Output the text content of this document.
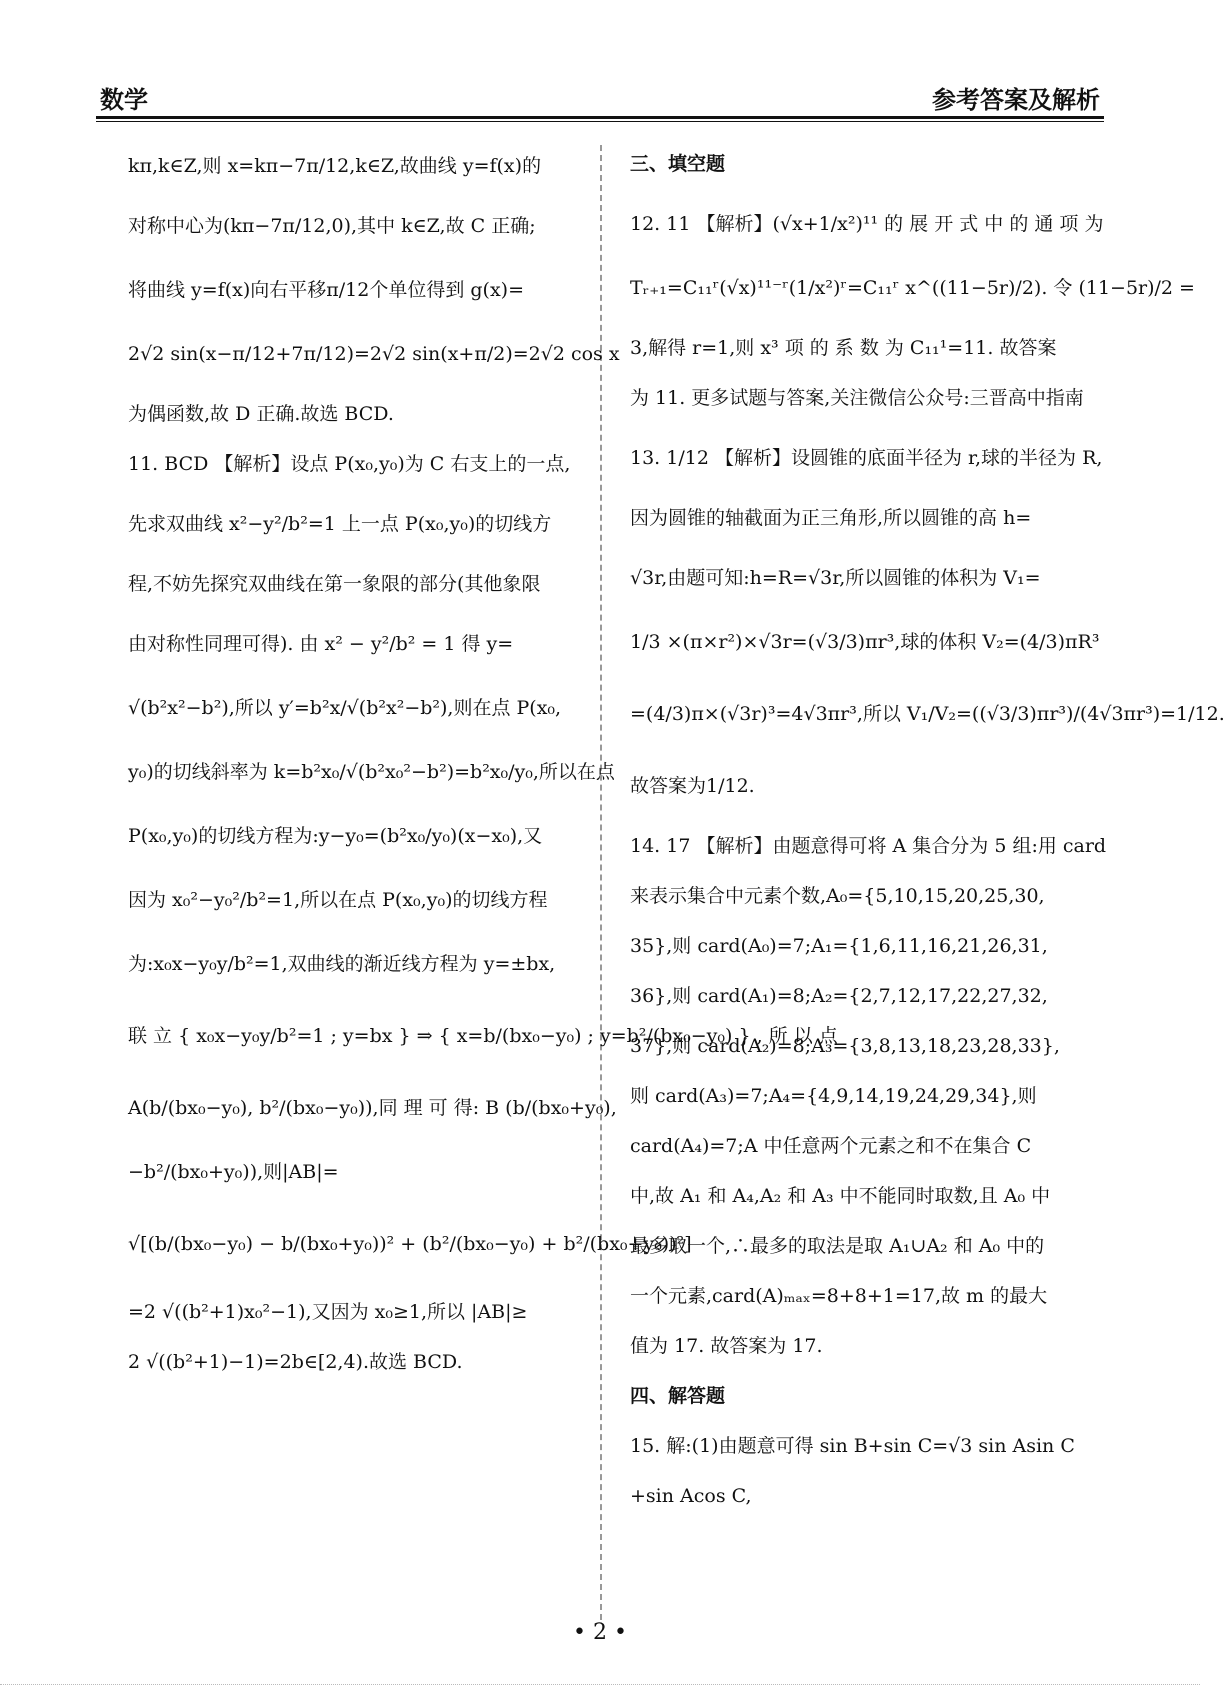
数学	参考答案及解析
kπ,k∈Z,则 x=kπ−7π/12,k∈Z,故曲线 y=f(x)的
对称中心为(kπ−7π/12,0),其中 k∈Z,故 C 正确;
将曲线 y=f(x)向右平移π/12个单位得到 g(x)=
2√2 sin(x−π/12+7π/12)=2√2 sin(x+π/2)=2√2 cos x
为偶函数,故 D 正确.故选 BCD.
11. BCD 【解析】设点 P(x₀,y₀)为 C 右支上的一点,
先求双曲线 x²−y²/b²=1 上一点 P(x₀,y₀)的切线方
程,不妨先探究双曲线在第一象限的部分(其他象限
由对称性同理可得). 由 x² − y²/b² = 1 得 y=
√(b²x²−b²),所以 y′=b²x/√(b²x²−b²),则在点 P(x₀,
y₀)的切线斜率为 k=b²x₀/√(b²x₀²−b²)=b²x₀/y₀,所以在点
P(x₀,y₀)的切线方程为:y−y₀=(b²x₀/y₀)(x−x₀),又
因为 x₀²−y₀²/b²=1,所以在点 P(x₀,y₀)的切线方程
为:x₀x−y₀y/b²=1,双曲线的渐近线方程为 y=±bx,
联 立 { x₀x−y₀y/b²=1 ; y=bx } ⇒ { x=b/(bx₀−y₀) ; y=b²/(bx₀−y₀) } , 所 以 点
A(b/(bx₀−y₀), b²/(bx₀−y₀)),同 理 可 得: B (b/(bx₀+y₀),
−b²/(bx₀+y₀)),则|AB|=
√[(b/(bx₀−y₀) − b/(bx₀+y₀))² + (b²/(bx₀−y₀) + b²/(bx₀+y₀))²]
=2 √((b²+1)x₀²−1),又因为 x₀≥1,所以 |AB|≥
2 √((b²+1)−1)=2b∈[2,4).故选 BCD.
三、填空题
12. 11 【解析】(√x+1/x²)¹¹ 的 展 开 式 中 的 通 项 为
Tᵣ₊₁=C₁₁ʳ(√x)¹¹⁻ʳ(1/x²)ʳ=C₁₁ʳ x^((11−5r)/2). 令 (11−5r)/2 =
3,解得 r=1,则 x³ 项 的 系 数 为 C₁₁¹=11. 故答案
为 11. 更多试题与答案,关注微信公众号:三晋高中指南
13. 1/12 【解析】设圆锥的底面半径为 r,球的半径为 R,
因为圆锥的轴截面为正三角形,所以圆锥的高 h=
√3r,由题可知:h=R=√3r,所以圆锥的体积为 V₁=
1/3 ×(π×r²)×√3r=(√3/3)πr³,球的体积 V₂=(4/3)πR³
=(4/3)π×(√3r)³=4√3πr³,所以 V₁/V₂=((√3/3)πr³)/(4√3πr³)=1/12.
故答案为1/12.
14. 17 【解析】由题意得可将 A 集合分为 5 组:用 card
来表示集合中元素个数,A₀={5,10,15,20,25,30,
35},则 card(A₀)=7;A₁={1,6,11,16,21,26,31,
36},则 card(A₁)=8;A₂={2,7,12,17,22,27,32,
37},则 card(A₂)=8;A₃={3,8,13,18,23,28,33},
则 card(A₃)=7;A₄={4,9,14,19,24,29,34},则
card(A₄)=7;A 中任意两个元素之和不在集合 C
中,故 A₁ 和 A₄,A₂ 和 A₃ 中不能同时取数,且 A₀ 中
最多取一个,∴最多的取法是取 A₁∪A₂ 和 A₀ 中的
一个元素,card(A)ₘₐₓ=8+8+1=17,故 m 的最大
值为 17. 故答案为 17.
四、解答题
15. 解:(1)由题意可得 sin B+sin C=√3 sin Asin C
+sin Acos C,
• 2 •
